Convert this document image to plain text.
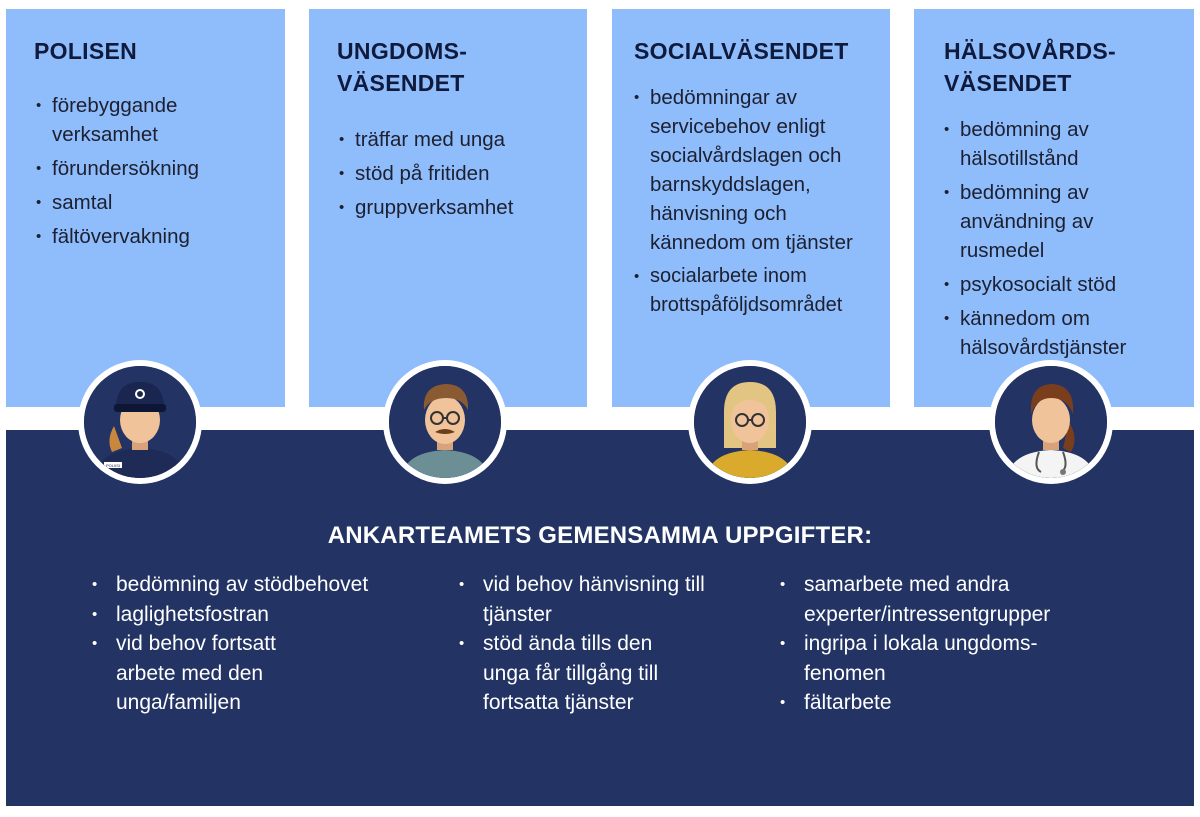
POLISEN
• förebyggande verksamhet
• förundersökning
• samtal
• fältövervakning
UNGDOMS-VÄSENDET
• träffar med unga
• stöd på fritiden
• gruppverksamhet
SOCIALVÄSENDET
• bedömningar av servicebehov enligt socialvårdslagen och barnskyddslagen, hänvisning och kännedom om tjänster
• socialarbete inom brottspåföljdsområdet
HÄLSOVÅRDS-VÄSENDET
• bedömning av hälsotillstånd
• bedömning av användning av rusmedel
• psykosocialt stöd
• kännedom om hälsovårdstjänster
ANKARTEAMETS GEMENSAMMA UPPGIFTER:
• bedömning av stödbehovet
• laglighetsfostran
• vid behov fortsatt arbete med den unga/familjen
• vid behov hänvisning till tjänster
• stöd ända tills den unga får tillgång till fortsatta tjänster
• samarbete med andra experter/intressentgrupper
• ingripa i lokala ungdoms-fenomen
• fältarbete
POLIISI
